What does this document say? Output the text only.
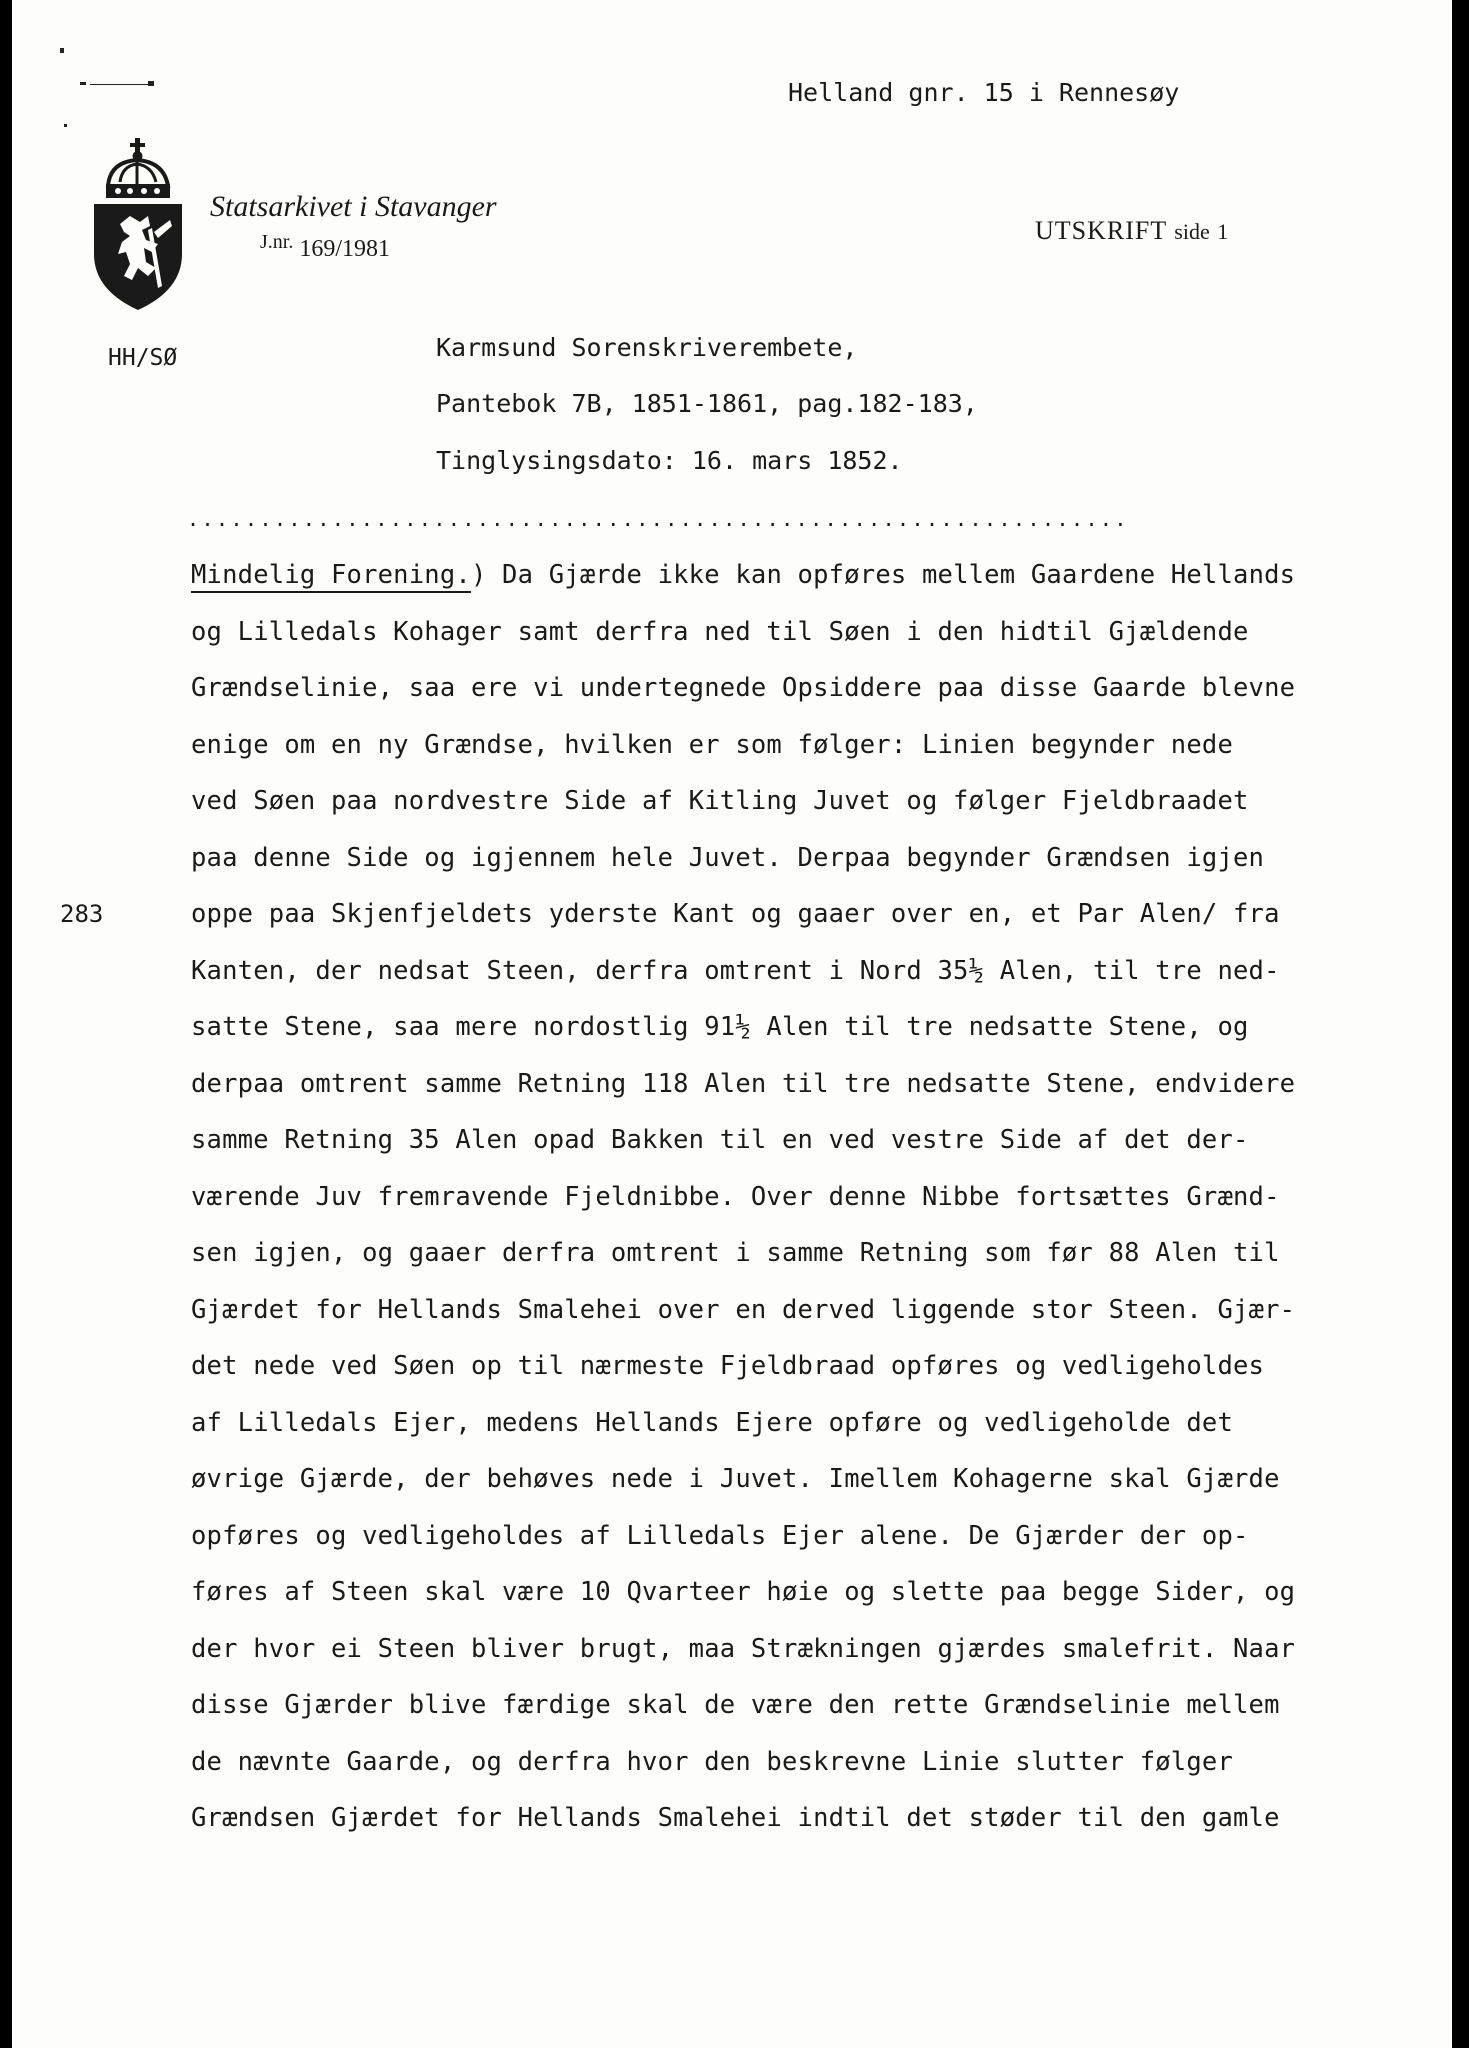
Helland gnr. 15 i Rennesøy
UTSKRIFT side 1
Statsarkivet i Stavanger
$^{J.nr.}$ 169/1981
HH/SØ	Karmsund Sorenskriverembete,
Pantebok 7B, 1851-1861, pag.182-183,
Tinglysingsdato: 16. mars 1852.
.................................................................
283
Mindelig Forening.) Da Gjærde ikke kan opføres mellem Gaardene Hellands
og Lilledals Kohager samt derfra ned til Søen i den hidtil Gjældende
Grændselinie, saa ere vi undertegnede Opsiddere paa disse Gaarde blevne
enige om en ny Grændse, hvilken er som følger: Linien begynder nede
ved Søen paa nordvestre Side af Kitling Juvet og følger Fjeldbraadet
paa denne Side og igjennem hele Juvet. Derpaa begynder Grændsen igjen
oppe paa Skjenfjeldets yderste Kant og gaaer over en, et Par Alen/ fra
Kanten, der nedsat Steen, derfra omtrent i Nord 35½ Alen, til tre ned-
satte Stene, saa mere nordostlig 91½ Alen til tre nedsatte Stene, og
derpaa omtrent samme Retning 118 Alen til tre nedsatte Stene, endvidere
samme Retning 35 Alen opad Bakken til en ved vestre Side af det der-
værende Juv fremravende Fjeldnibbe. Over denne Nibbe fortsættes Grænd-
sen igjen, og gaaer derfra omtrent i samme Retning som før 88 Alen til
Gjærdet for Hellands Smalehei over en derved liggende stor Steen. Gjær-
det nede ved Søen op til nærmeste Fjeldbraad opføres og vedligeholdes
af Lilledals Ejer, medens Hellands Ejere opføre og vedligeholde det
øvrige Gjærde, der behøves nede i Juvet. Imellem Kohagerne skal Gjærde
opføres og vedligeholdes af Lilledals Ejer alene. De Gjærder der op-
føres af Steen skal være 10 Qvarteer høie og slette paa begge Sider, og
der hvor ei Steen bliver brugt, maa Strækningen gjærdes smalefrit. Naar
disse Gjærder blive færdige skal de være den rette Grændselinie mellem
de nævnte Gaarde, og derfra hvor den beskrevne Linie slutter følger
Grændsen Gjærdet for Hellands Smalehei indtil det støder til den gamle
